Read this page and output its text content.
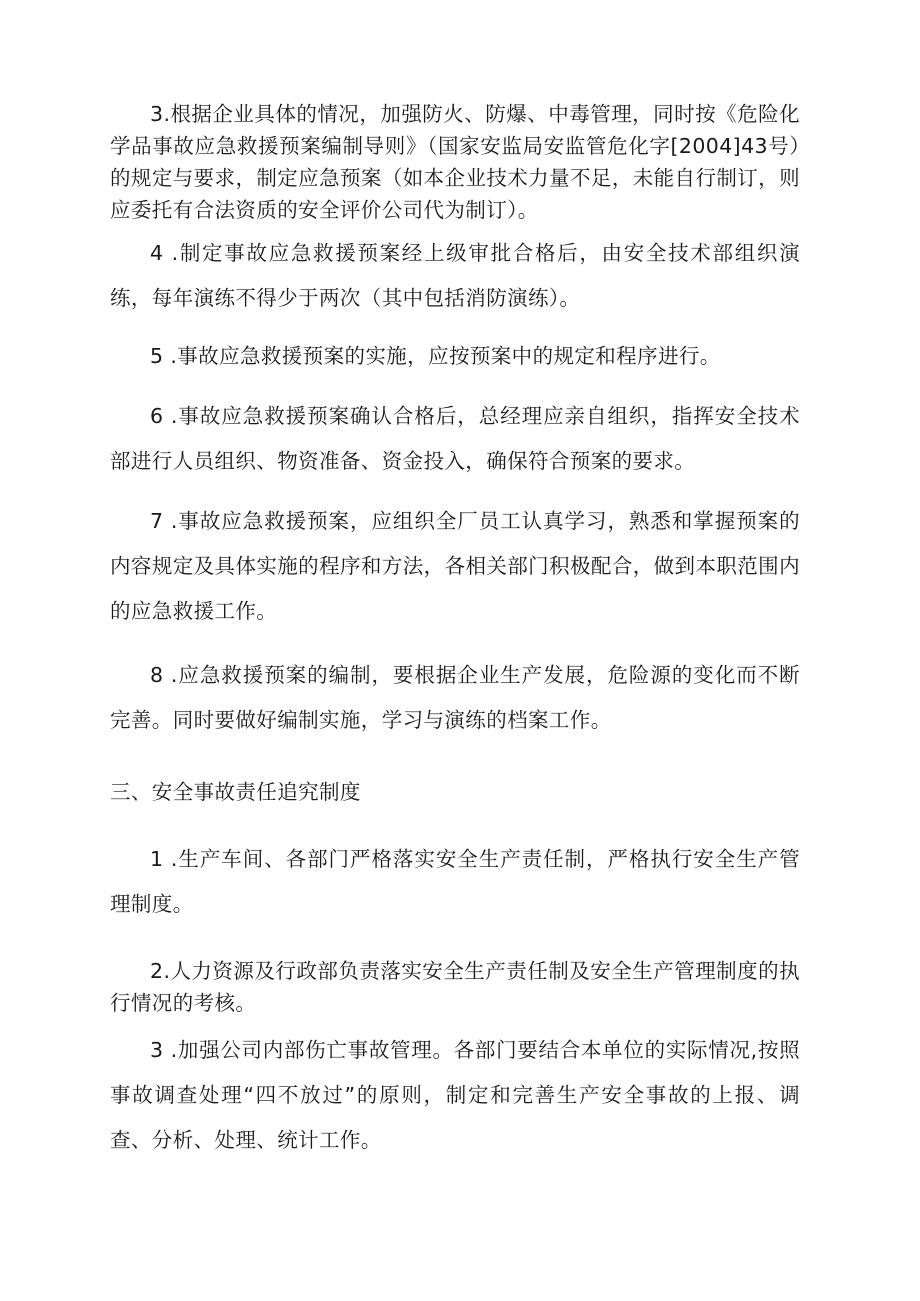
3.根据企业具体的情况，加强防火、防爆、中毒管理，同时按《危险化学品事故应急救援预案编制导则》（国家安监局安监管危化字[2004]43号）的规定与要求，制定应急预案（如本企业技术力量不足，未能自行制订，则应委托有合法资质的安全评价公司代为制订）。

4 .制定事故应急救援预案经上级审批合格后，由安全技术部组织演练，每年演练不得少于两次（其中包括消防演练）。

5 .事故应急救援预案的实施，应按预案中的规定和程序进行。

6 .事故应急救援预案确认合格后，总经理应亲自组织，指挥安全技术部进行人员组织、物资准备、资金投入，确保符合预案的要求。

7 .事故应急救援预案，应组织全厂员工认真学习，熟悉和掌握预案的内容规定及具体实施的程序和方法，各相关部门积极配合，做到本职范围内的应急救援工作。

8 .应急救援预案的编制，要根据企业生产发展，危险源的变化而不断完善。同时要做好编制实施，学习与演练的档案工作。

三、安全事故责任追究制度

1 .生产车间、各部门严格落实安全生产责任制，严格执行安全生产管理制度。

2.人力资源及行政部负责落实安全生产责任制及安全生产管理制度的执行情况的考核。

3 .加强公司内部伤亡事故管理。各部门要结合本单位的实际情况,按照事故调查处理“四不放过”的原则，制定和完善生产安全事故的上报、调查、分析、处理、统计工作。
